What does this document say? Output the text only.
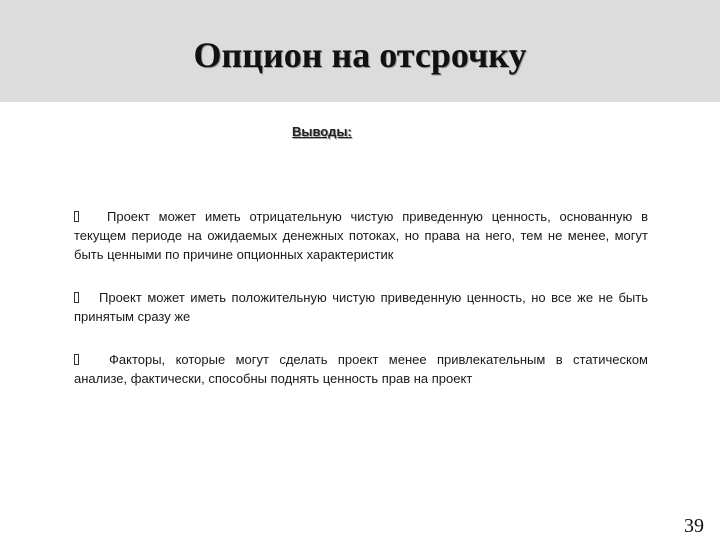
Опцион на отсрочку

Выводы:

Проект может иметь отрицательную чистую приведенную ценность, основанную в текущем периоде на ожидаемых денежных потоках, но права на него, тем не менее, могут быть ценными по причине опционных характеристик
Проект может иметь положительную чистую приведенную ценность, но все же не быть принятым сразу же
Факторы, которые могут сделать проект менее привлекательным в статическом анализе, фактически, способны поднять ценность прав на проект

39
